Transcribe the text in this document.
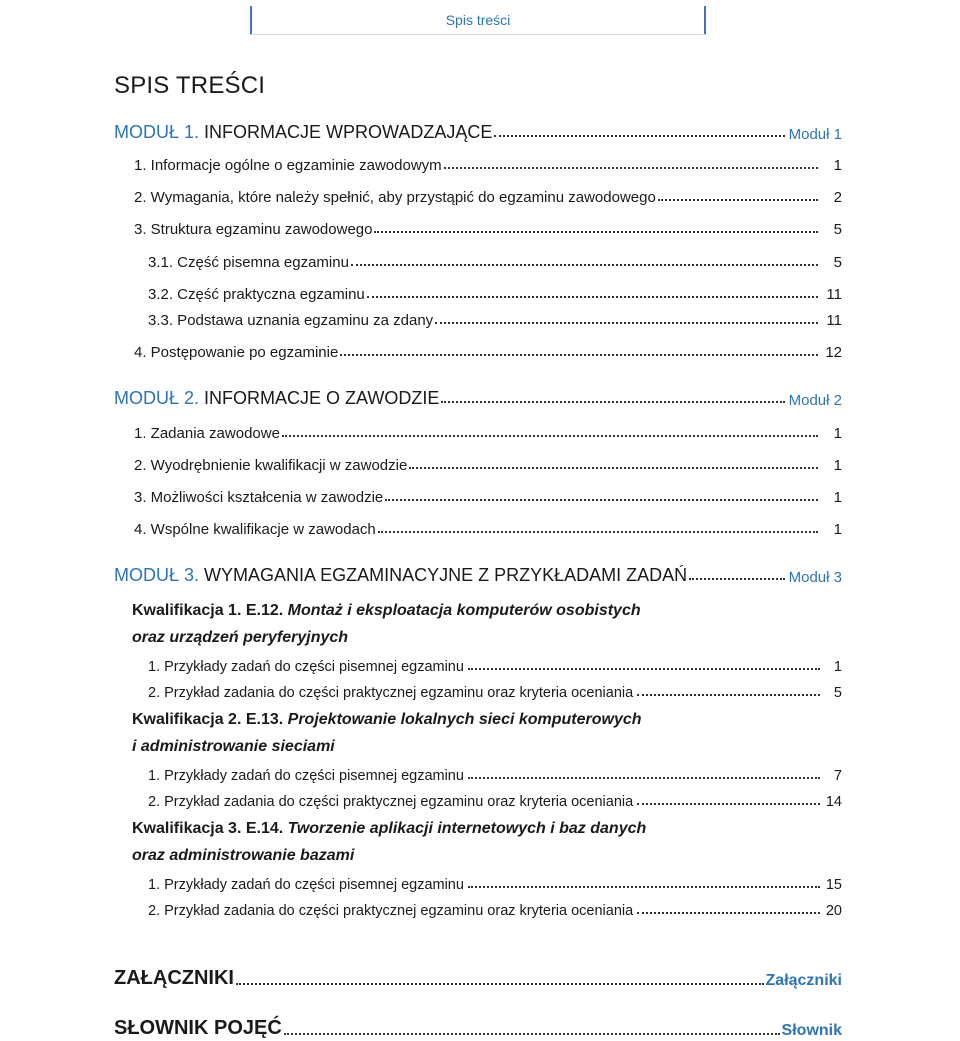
Spis treści
SPIS TREŚCI
MODUŁ 1. INFORMACJE WPROWADZAJĄCE	Moduł 1
1. Informacje ogólne o egzaminie zawodowym	1
2. Wymagania, które należy spełnić, aby przystąpić do egzaminu zawodowego	2
3. Struktura egzaminu zawodowego	5
3.1. Część pisemna egzaminu	5
3.2. Część praktyczna egzaminu	11
3.3. Podstawa uznania egzaminu za zdany	11
4. Postępowanie po egzaminie	12
MODUŁ 2. INFORMACJE O ZAWODZIE	Moduł 2
1. Zadania zawodowe	1
2. Wyodrębnienie kwalifikacji w zawodzie	1
3. Możliwości kształcenia w zawodzie	1
4. Wspólne kwalifikacje w zawodach	1
MODUŁ 3. WYMAGANIA EGZAMINACYJNE Z PRZYKŁADAMI ZADAŃ	Moduł 3
Kwalifikacja 1. E.12. Montaż i eksploatacja komputerów osobistych
oraz urządzeń peryferyjnych
1. Przykłady zadań do części pisemnej egzaminu	1
2. Przykład zadania do części praktycznej egzaminu oraz kryteria oceniania	5
Kwalifikacja 2. E.13. Projektowanie lokalnych sieci komputerowych
i administrowanie sieciami
1. Przykłady zadań do części pisemnej egzaminu	7
2. Przykład zadania do części praktycznej egzaminu oraz kryteria oceniania	14
Kwalifikacja 3. E.14. Tworzenie aplikacji internetowych i baz danych
oraz administrowanie bazami
1. Przykłady zadań do części pisemnej egzaminu	15
2. Przykład zadania do części praktycznej egzaminu oraz kryteria oceniania	20
ZAŁĄCZNIKI	Załączniki
SŁOWNIK POJĘĆ	Słownik
